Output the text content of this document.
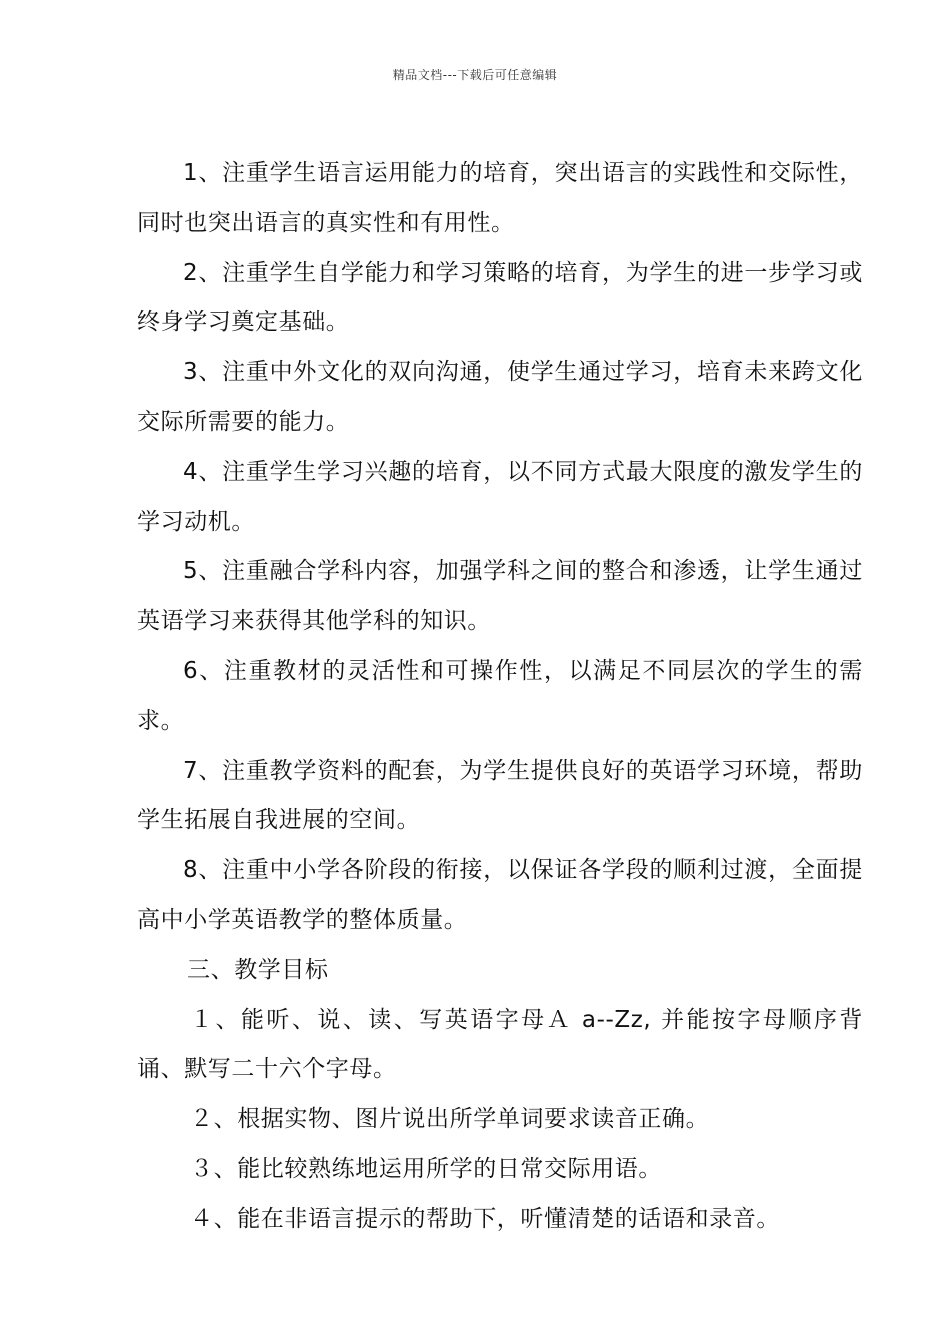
精品文档---下载后可任意编辑

1、注重学生语言运用能力的培育，突出语言的实践性和交际性，同时也突出语言的真实性和有用性。

2、注重学生自学能力和学习策略的培育，为学生的进一步学习或终身学习奠定基础。

3、注重中外文化的双向沟通，使学生通过学习，培育未来跨文化交际所需要的能力。

4、注重学生学习兴趣的培育，以不同方式最大限度的激发学生的学习动机。

5、注重融合学科内容，加强学科之间的整合和渗透，让学生通过英语学习来获得其他学科的知识。

6、注重教材的灵活性和可操作性，以满足不同层次的学生的需求。

7、注重教学资料的配套，为学生提供良好的英语学习环境，帮助学生拓展自我进展的空间。

8、注重中小学各阶段的衔接，以保证各学段的顺利过渡，全面提高中小学英语教学的整体质量。

三、教学目标

１、能听、说、读、写英语字母Ａ a--Zz, 并能按字母顺序背诵、默写二十六个字母。

２、根据实物、图片说出所学单词要求读音正确。

３、能比较熟练地运用所学的日常交际用语。

４、能在非语言提示的帮助下，听懂清楚的话语和录音。
